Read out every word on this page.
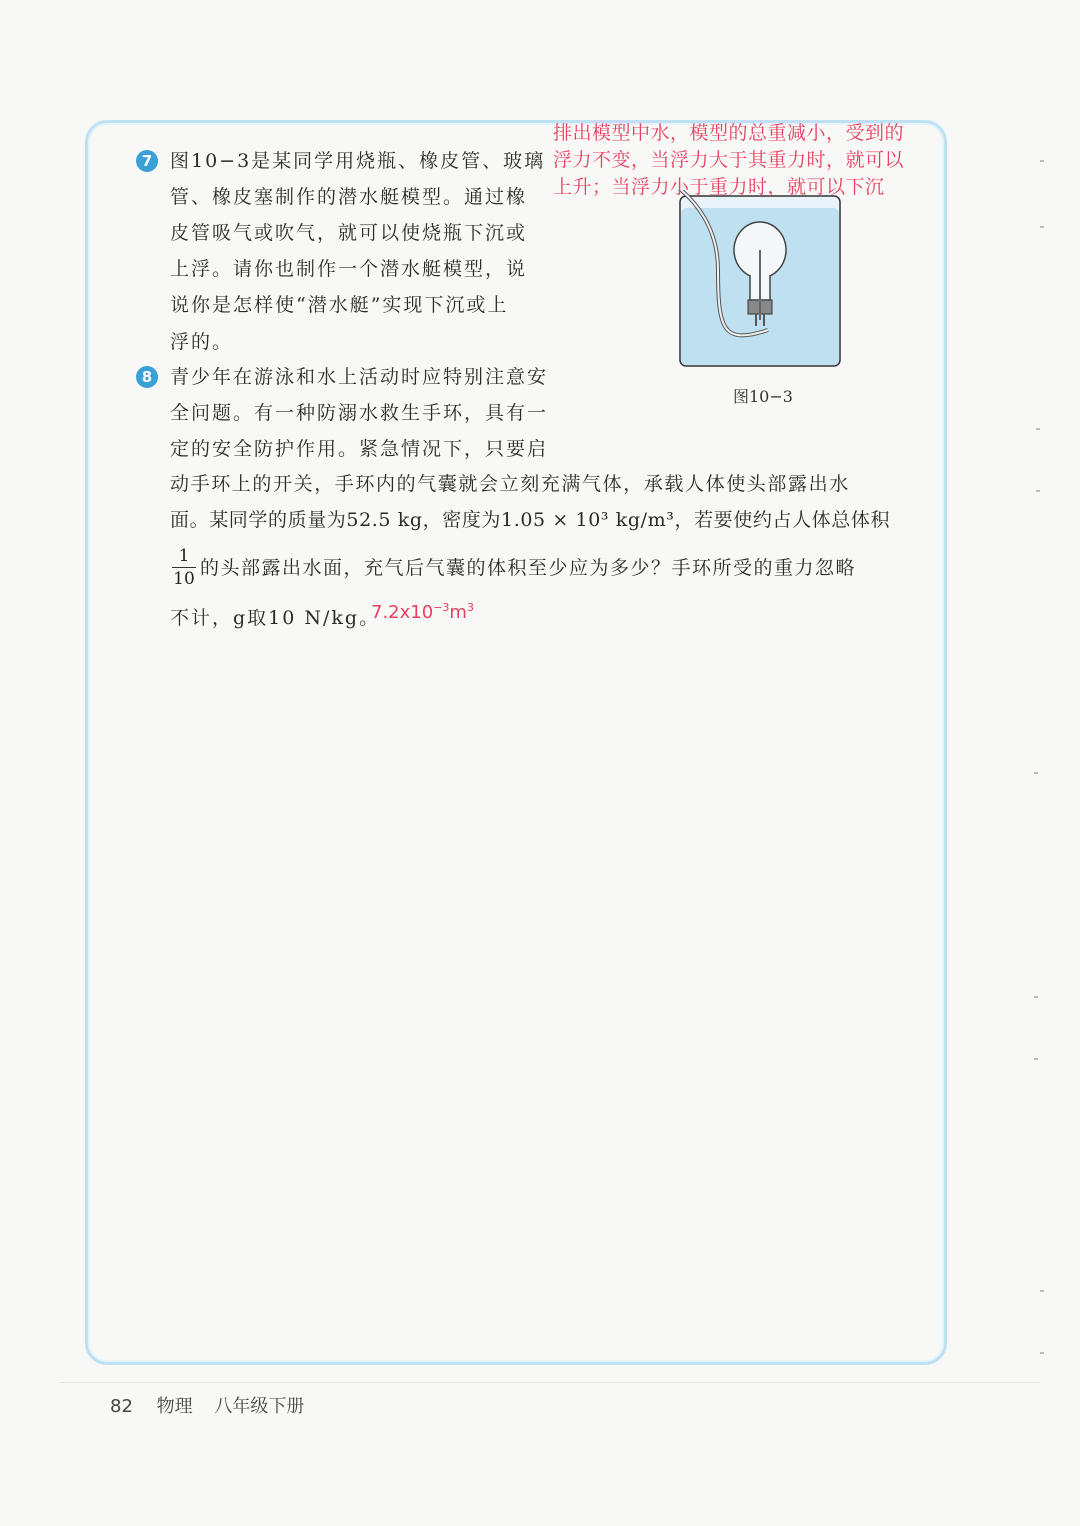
7 图10−3是某同学用烧瓶、橡皮管、玻璃
管、橡皮塞制作的潜水艇模型。通过橡
皮管吸气或吹气，就可以使烧瓶下沉或
上浮。请你也制作一个潜水艇模型，说
说你是怎样使“潜水艇”实现下沉或上
浮的。
图10−3
排出模型中水，模型的总重减小，受到的
浮力不变，当浮力大于其重力时，就可以
上升；当浮力小于重力时，就可以下沉
8 青少年在游泳和水上活动时应特别注意安
全问题。有一种防溺水救生手环，具有一
定的安全防护作用。紧急情况下，只要启
动手环上的开关，手环内的气囊就会立刻充满气体，承载人体使头部露出水
面。某同学的质量为52.5 kg，密度为1.05 × 10³ kg/m³，若要使约占人体总体积
1
10 的头部露出水面，充气后气囊的体积至少应为多少？手环所受的重力忽略
不计，g取10 N/kg。
$7.2x10^{-3}m^3$
82 物理 八年级下册
